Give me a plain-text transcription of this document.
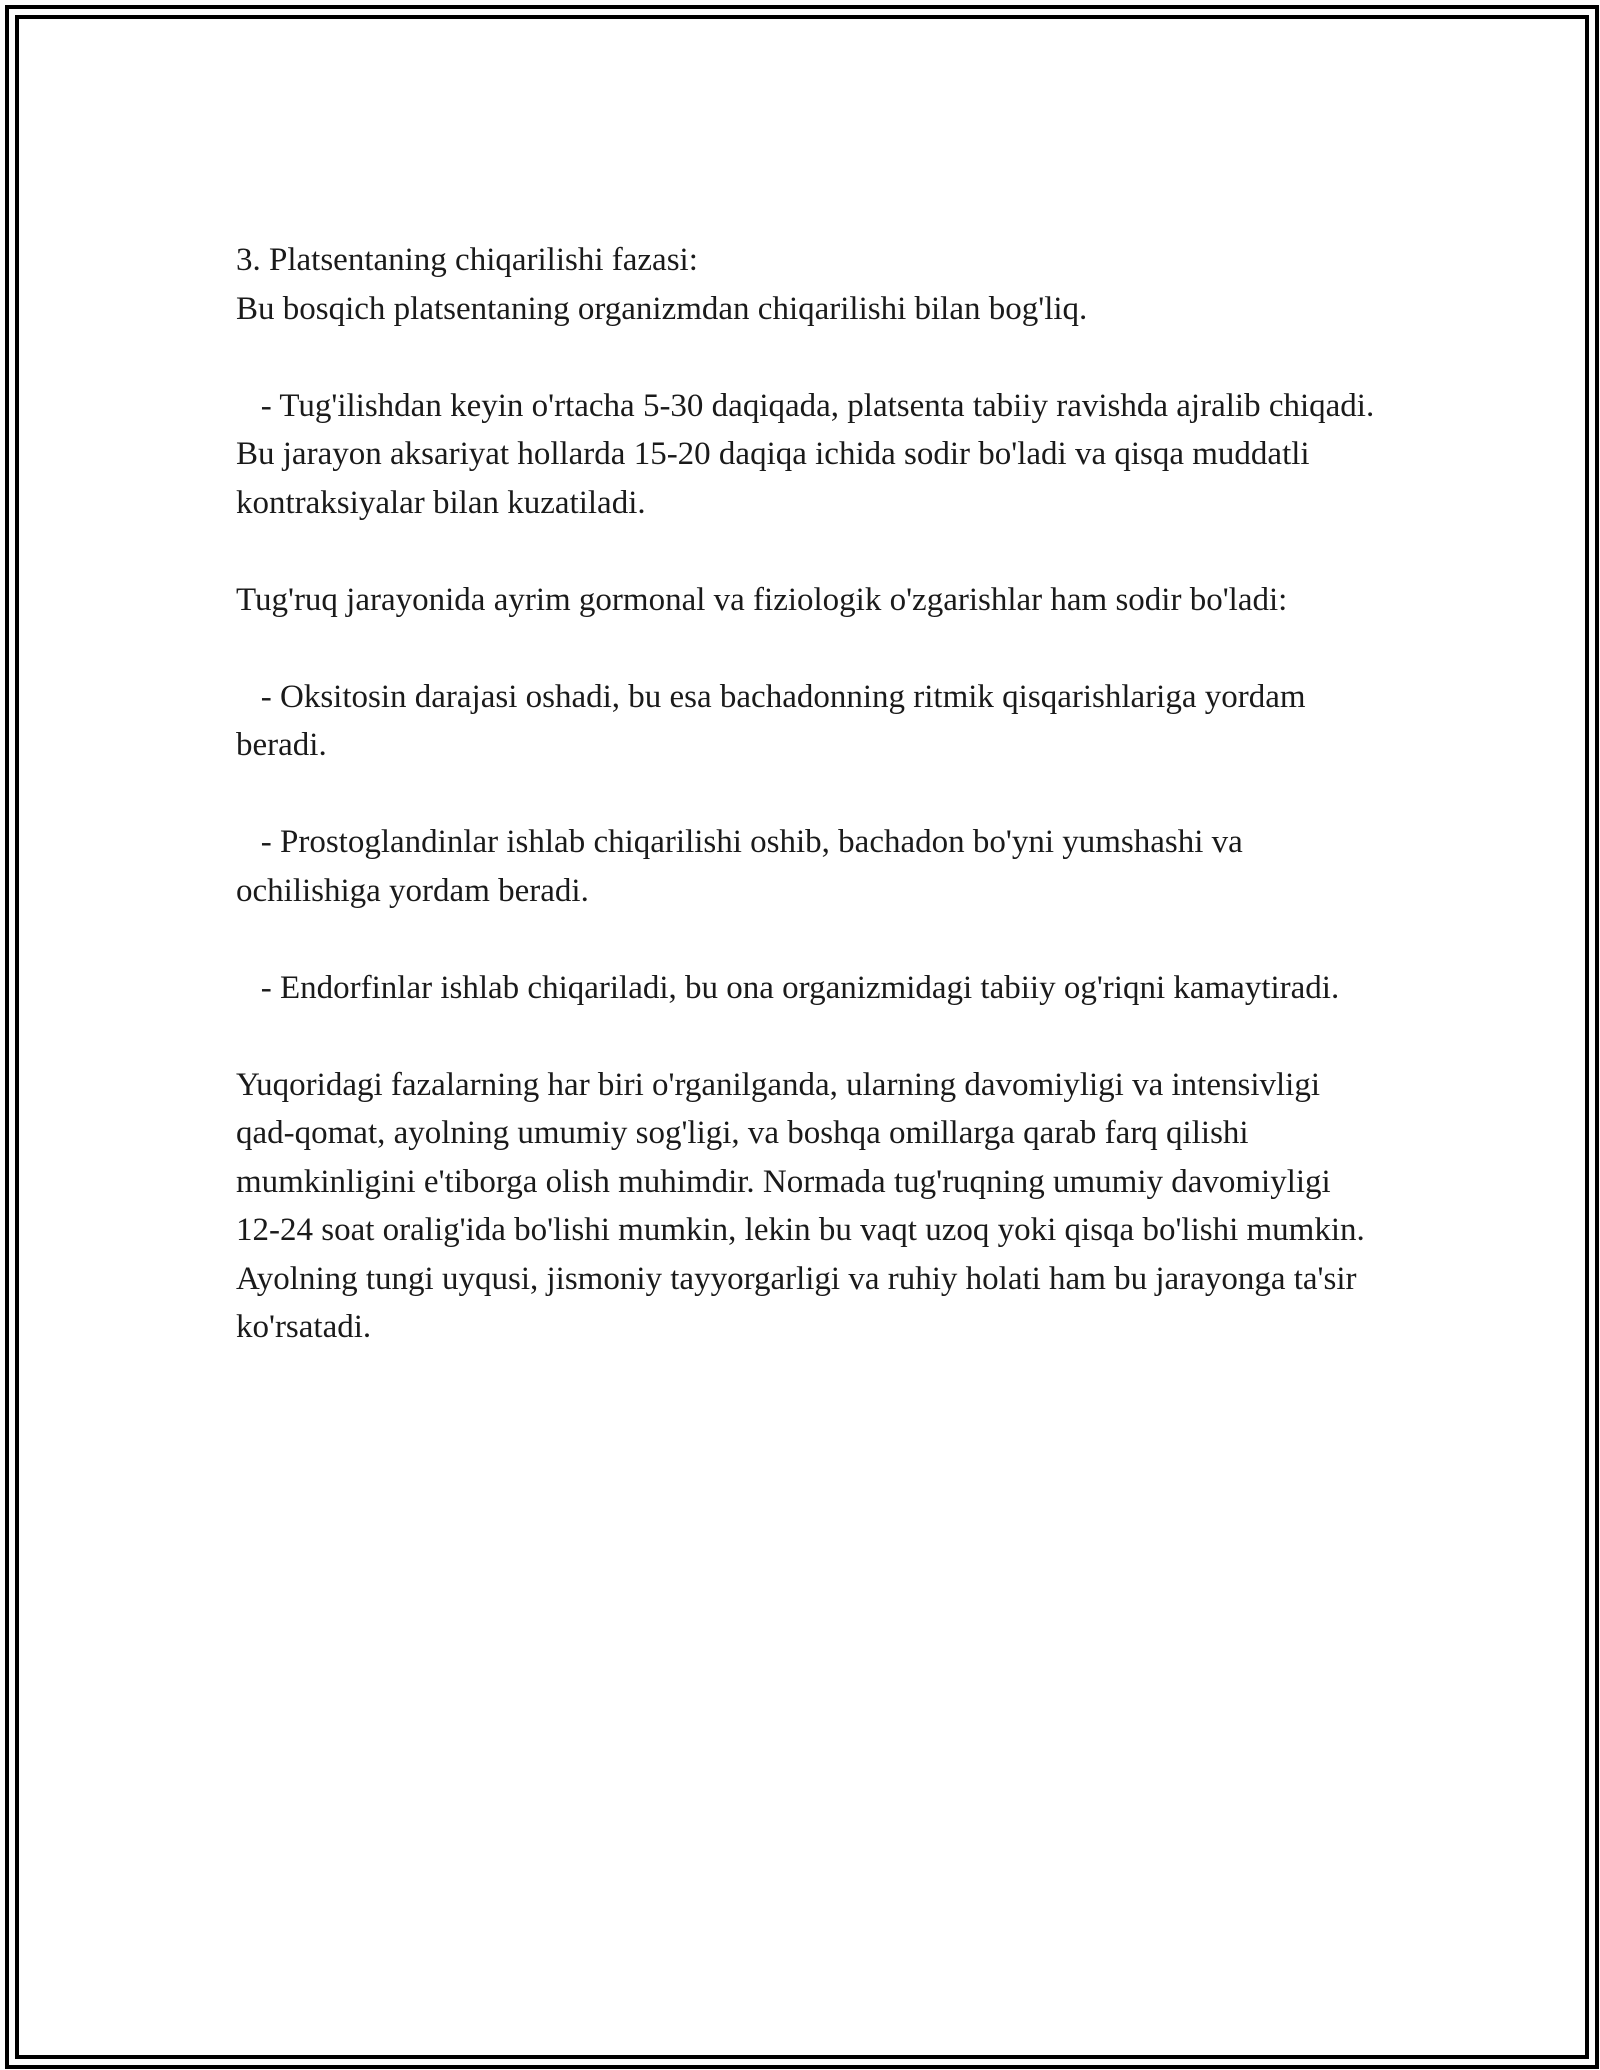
3. Platsentaning chiqarilishi fazasi:

Bu bosqich platsentaning organizmdan chiqarilishi bilan bog'liq.

- Tug'ilishdan keyin o'rtacha 5-30 daqiqada, platsenta tabiiy ravishda ajralib chiqadi. Bu jarayon aksariyat hollarda 15-20 daqiqa ichida sodir bo'ladi va qisqa muddatli kontraksiyalar bilan kuzatiladi.

Tug'ruq jarayonida ayrim gormonal va fiziologik o'zgarishlar ham sodir bo'ladi:

- Oksitosin darajasi oshadi, bu esa bachadonning ritmik qisqarishlariga yordam beradi.

- Prostoglandinlar ishlab chiqarilishi oshib, bachadon bo'yni yumshashi va ochilishiga yordam beradi.

- Endorfinlar ishlab chiqariladi, bu ona organizmidagi tabiiy og'riqni kamaytiradi.

Yuqoridagi fazalarning har biri o'rganilganda, ularning davomiyligi va intensivligi qad-qomat, ayolning umumiy sog'ligi, va boshqa omillarga qarab farq qilishi mumkinligini e'tiborga olish muhimdir. Normada tug'ruqning umumiy davomiyligi 12-24 soat oralig'ida bo'lishi mumkin, lekin bu vaqt uzoq yoki qisqa bo'lishi mumkin. Ayolning tungi uyqusi, jismoniy tayyorgarligi va ruhiy holati ham bu jarayonga ta'sir ko'rsatadi.
